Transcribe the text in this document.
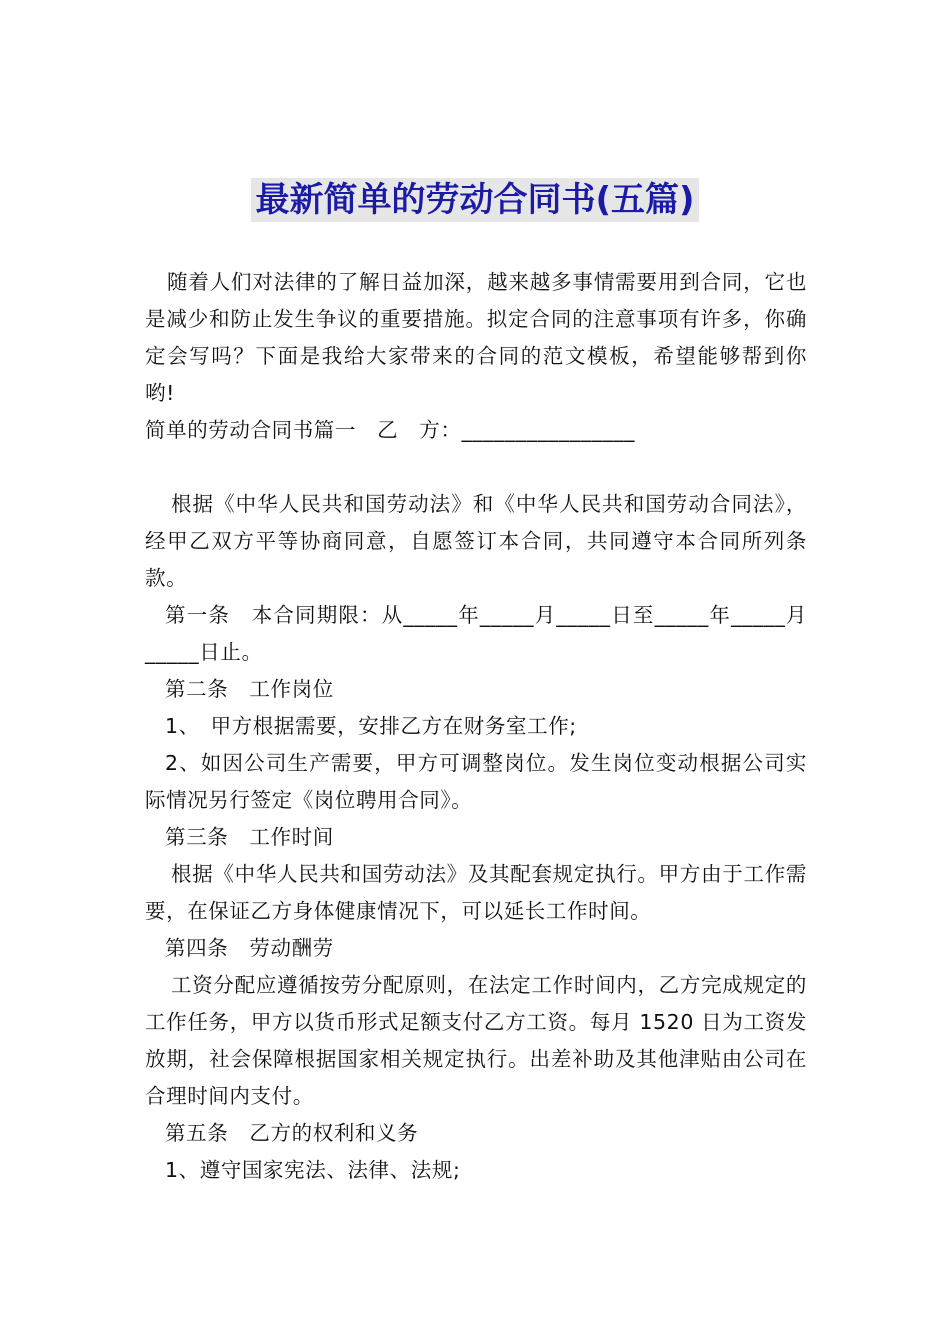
最新简单的劳动合同书(五篇)

随着人们对法律的了解日益加深，越来越多事情需要用到合同，它也是减少和防止发生争议的重要措施。拟定合同的注意事项有许多，你确定会写吗？下面是我给大家带来的合同的范文模板，希望能够帮到你哟!

简单的劳动合同书篇一　乙　方：________________

根据《中华人民共和国劳动法》和《中华人民共和国劳动合同法》，经甲乙双方平等协商同意，自愿签订本合同，共同遵守本合同所列条款。

第一条　本合同期限：从_____年_____月_____日至_____年_____月_____日止。

第二条　工作岗位

1、　甲方根据需要，安排乙方在财务室工作;

2、如因公司生产需要，甲方可调整岗位。发生岗位变动根据公司实际情况另行签定《岗位聘用合同》。

第三条　工作时间

根据《中华人民共和国劳动法》及其配套规定执行。甲方由于工作需要，在保证乙方身体健康情况下，可以延长工作时间。

第四条　劳动酬劳

工资分配应遵循按劳分配原则，在法定工作时间内，乙方完成规定的工作任务，甲方以货币形式足额支付乙方工资。每月 1520 日为工资发放期，社会保障根据国家相关规定执行。出差补助及其他津贴由公司在合理时间内支付。

第五条　乙方的权利和义务

1、遵守国家宪法、法律、法规;
